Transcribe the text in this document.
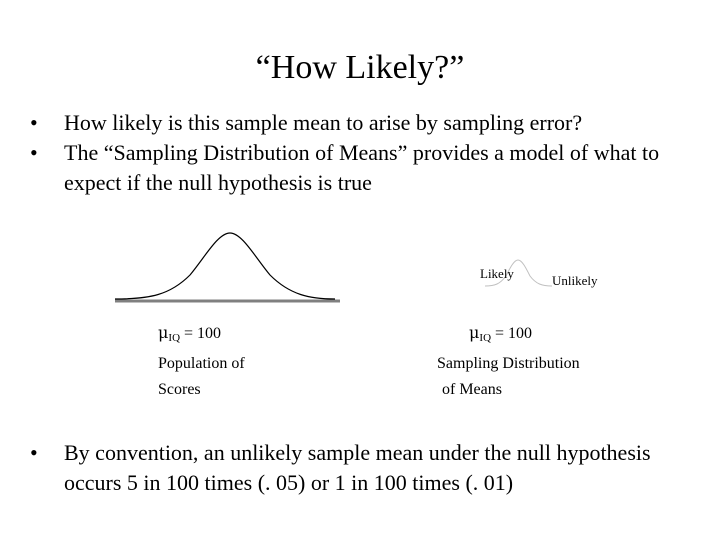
“How Likely?”
• How likely is this sample mean to arise by sampling error?
• The “Sampling Distribution of Means” provides a model of what to expect if the null hypothesis is true
Likely	Unlikely
$\mu_{IQ} = 100$
Population of
Scores
$\mu_{IQ} = 100$
Sampling Distribution
of Means
• By convention, an unlikely sample mean under the null hypothesis occurs 5 in 100 times (. 05) or 1 in 100 times (. 01)
